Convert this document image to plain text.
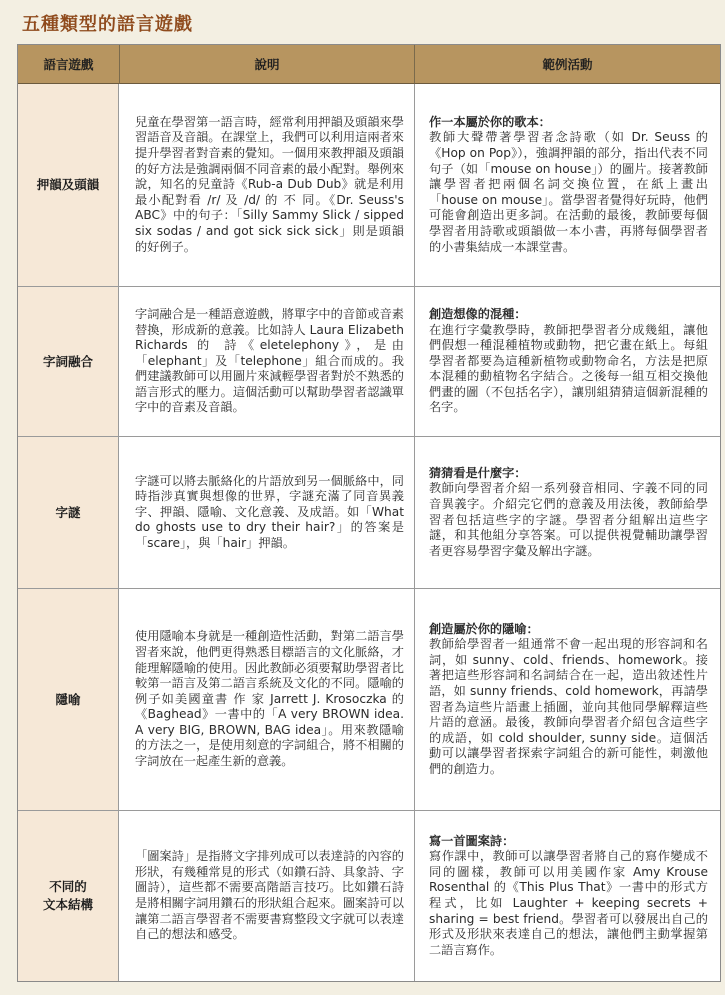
五種類型的語言遊戲
語言遊戲	說明	範例活動
押韻及頭韻
兒童在學習第一語言時，經常利用押韻及頭韻來學習語音及音韻。在課堂上，我們可以利用這兩者來提升學習者對音素的覺知。一個用來教押韻及頭韻的好方法是強調兩個不同音素的最小配對。舉例來說，知名的兒童詩《Rub-a Dub Dub》就是利用最小配對看 /r/ 及 /d/ 的 不 同。《Dr. Seuss's ABC》中的句子：「Silly Sammy Slick / sipped six sodas / and got sick sick sick」則是頭韻的好例子。
作一本屬於你的歌本：
教師大聲帶著學習者念詩歌（如 Dr. Seuss 的《Hop on Pop》），強調押韻的部分，指出代表不同句子（如「mouse on house」）的圖片。接著教師讓學習者把兩個名詞交換位置，在紙上畫出「house on mouse」。當學習者覺得好玩時，他們可能會創造出更多詞。在活動的最後，教師要每個學習者用詩歌或頭韻做一本小書，再將每個學習者的小書集結成一本課堂書。
字詞融合
字詞融合是一種語意遊戲，將單字中的音節或音素替換，形成新的意義。比如詩人 Laura Elizabeth Richards 的 詩《eletelephony》，是由「elephant」及「telephone」組合而成的。我們建議教師可以用圖片來減輕學習者對於不熟悉的語言形式的壓力。這個活動可以幫助學習者認識單字中的音素及音韻。
創造想像的混種：
在進行字彙教學時，教師把學習者分成幾組，讓他們假想一種混種植物或動物，把它畫在紙上。每組學習者都要為這種新植物或動物命名，方法是把原本混種的動植物名字結合。之後每一組互相交換他們畫的圖（不包括名字），讓別組猜猜這個新混種的名字。
字謎
字謎可以將去脈絡化的片語放到另一個脈絡中，同時指涉真實與想像的世界，字謎充滿了同音異義字、押韻、隱喻、文化意義、及成語。如「What do ghosts use to dry their hair?」的答案是「scare」，與「hair」押韻。
猜猜看是什麼字：
教師向學習者介紹一系列發音相同、字義不同的同音異義字。介紹完它們的意義及用法後，教師給學習者包括這些字的字謎。學習者分組解出這些字謎，和其他組分享答案。可以提供視覺輔助讓學習者更容易學習字彙及解出字謎。
隱喻
使用隱喻本身就是一種創造性活動，對第二語言學習者來說，他們更得熟悉目標語言的文化脈絡，才能理解隱喻的使用。因此教師必須要幫助學習者比較第一語言及第二語言系統及文化的不同。隱喻的例子如美國童書 作 家 Jarrett J. Krosoczka 的《Baghead》一書中的「A very BROWN idea. A very BIG, BROWN, BAG idea」。用來教隱喻的方法之一，是使用刻意的字詞組合，將不相關的字詞放在一起產生新的意義。
創造屬於你的隱喻：
教師給學習者一組通常不會一起出現的形容詞和名詞，如 sunny、cold、friends、homework。接著把這些形容詞和名詞結合在一起，造出敘述性片語，如 sunny friends、cold homework，再請學習者為這些片語畫上插圖，並向其他同學解釋這些片語的意涵。最後，教師向學習者介紹包含這些字的成語，如 cold shoulder, sunny side。這個活動可以讓學習者探索字詞組合的新可能性，刺激他們的創造力。
不同的
文本結構
「圖案詩」是指將文字排列成可以表達詩的內容的形狀，有幾種常見的形式（如鑽石詩、具象詩、字圖詩），這些都不需要高階語言技巧。比如鑽石詩是將相關字詞用鑽石的形狀組合起來。圖案詩可以讓第二語言學習者不需要書寫整段文字就可以表達自己的想法和感受。
寫一首圖案詩：
寫作課中，教師可以讓學習者將自己的寫作變成不同的圖樣，教師可以用美國作家 Amy Krouse Rosenthal 的《This Plus That》一書中的形式方程式，比如 Laughter + keeping secrets + sharing = best friend。學習者可以發展出自己的形式及形狀來表達自己的想法，讓他們主動掌握第二語言寫作。
